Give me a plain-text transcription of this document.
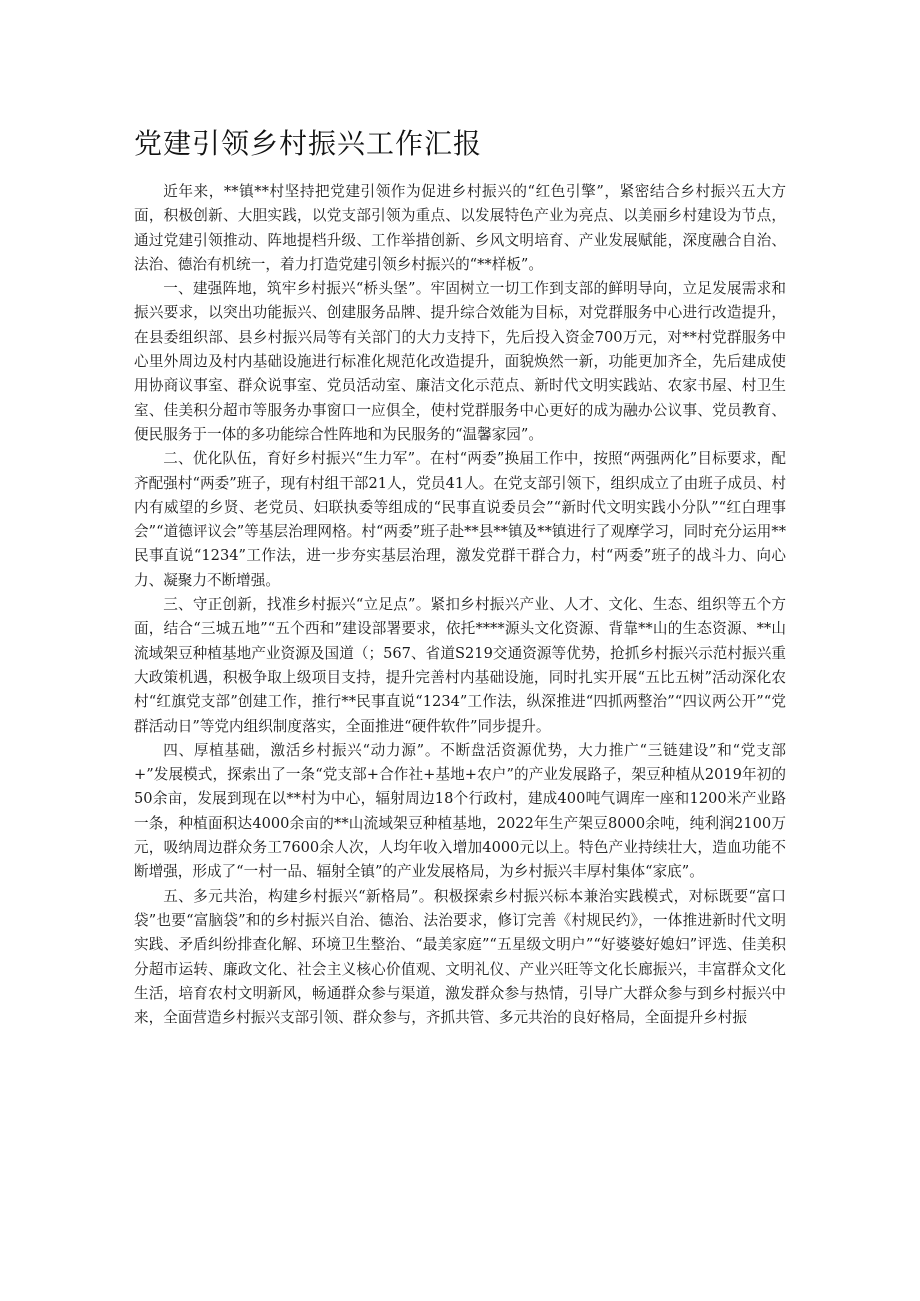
党建引领乡村振兴工作汇报

近年来，**镇**村坚持把党建引领作为促进乡村振兴的“红色引擎”，紧密结合乡村振兴五大方面，积极创新、大胆实践，以党支部引领为重点、以发展特色产业为亮点、以美丽乡村建设为节点，通过党建引领推动、阵地提档升级、工作举措创新、乡风文明培育、产业发展赋能，深度融合自治、法治、德治有机统一，着力打造党建引领乡村振兴的“**样板”。

一、建强阵地，筑牢乡村振兴“桥头堡”。牢固树立一切工作到支部的鲜明导向，立足发展需求和振兴要求，以突出功能振兴、创建服务品牌、提升综合效能为目标，对党群服务中心进行改造提升，在县委组织部、县乡村振兴局等有关部门的大力支持下，先后投入资金700万元，对**村党群服务中心里外周边及村内基础设施进行标准化规范化改造提升，面貌焕然一新，功能更加齐全，先后建成使用协商议事室、群众说事室、党员活动室、廉洁文化示范点、新时代文明实践站、农家书屋、村卫生室、佳美积分超市等服务办事窗口一应俱全，使村党群服务中心更好的成为融办公议事、党员教育、便民服务于一体的多功能综合性阵地和为民服务的“温馨家园”。

二、优化队伍，育好乡村振兴“生力军”。在村“两委”换届工作中，按照“两强两化”目标要求，配齐配强村“两委”班子，现有村组干部21人，党员41人。在党支部引领下，组织成立了由班子成员、村内有威望的乡贤、老党员、妇联执委等组成的“民事直说委员会”“新时代文明实践小分队”“红白理事会”“道德评议会”等基层治理网格。村“两委”班子赴**县**镇及**镇进行了观摩学习，同时充分运用**民事直说“1234”工作法，进一步夯实基层治理，激发党群干群合力，村“两委”班子的战斗力、向心力、凝聚力不断增强。

三、守正创新，找准乡村振兴“立足点”。紧扣乡村振兴产业、人才、文化、生态、组织等五个方面，结合“三城五地”“五个西和”建设部署要求，依托****源头文化资源、背靠**山的生态资源、**山流域架豆种植基地产业资源及国道（；567、省道S219交通资源等优势，抢抓乡村振兴示范村振兴重大政策机遇，积极争取上级项目支持，提升完善村内基础设施，同时扎实开展“五比五树”活动深化农村“红旗党支部”创建工作，推行**民事直说“1234”工作法，纵深推进“四抓两整治”“四议两公开”“党群活动日”等党内组织制度落实，全面推进“硬件软件”同步提升。

四、厚植基础，激活乡村振兴“动力源”。不断盘活资源优势，大力推广“三链建设”和“党支部+”发展模式，探索出了一条“党支部+合作社+基地+农户”的产业发展路子，架豆种植从2019年初的50余亩，发展到现在以**村为中心，辐射周边18个行政村，建成400吨气调库一座和1200米产业路一条，种植面积达4000余亩的**山流域架豆种植基地，2022年生产架豆8000余吨，纯利润2100万元，吸纳周边群众务工7600余人次，人均年收入增加4000元以上。特色产业持续壮大，造血功能不断增强，形成了“一村一品、辐射全镇”的产业发展格局，为乡村振兴丰厚村集体“家底”。

五、多元共治，构建乡村振兴“新格局”。积极探索乡村振兴标本兼治实践模式，对标既要“富口袋”也要“富脑袋”和的乡村振兴自治、德治、法治要求，修订完善《村规民约》，一体推进新时代文明实践、矛盾纠纷排查化解、环境卫生整治、“最美家庭”“五星级文明户”“好婆婆好媳妇”评选、佳美积分超市运转、廉政文化、社会主义核心价值观、文明礼仪、产业兴旺等文化长廊振兴，丰富群众文化生活，培育农村文明新风，畅通群众参与渠道，激发群众参与热情，引导广大群众参与到乡村振兴中来，全面营造乡村振兴支部引领、群众参与，齐抓共管、多元共治的良好格局，全面提升乡村振
